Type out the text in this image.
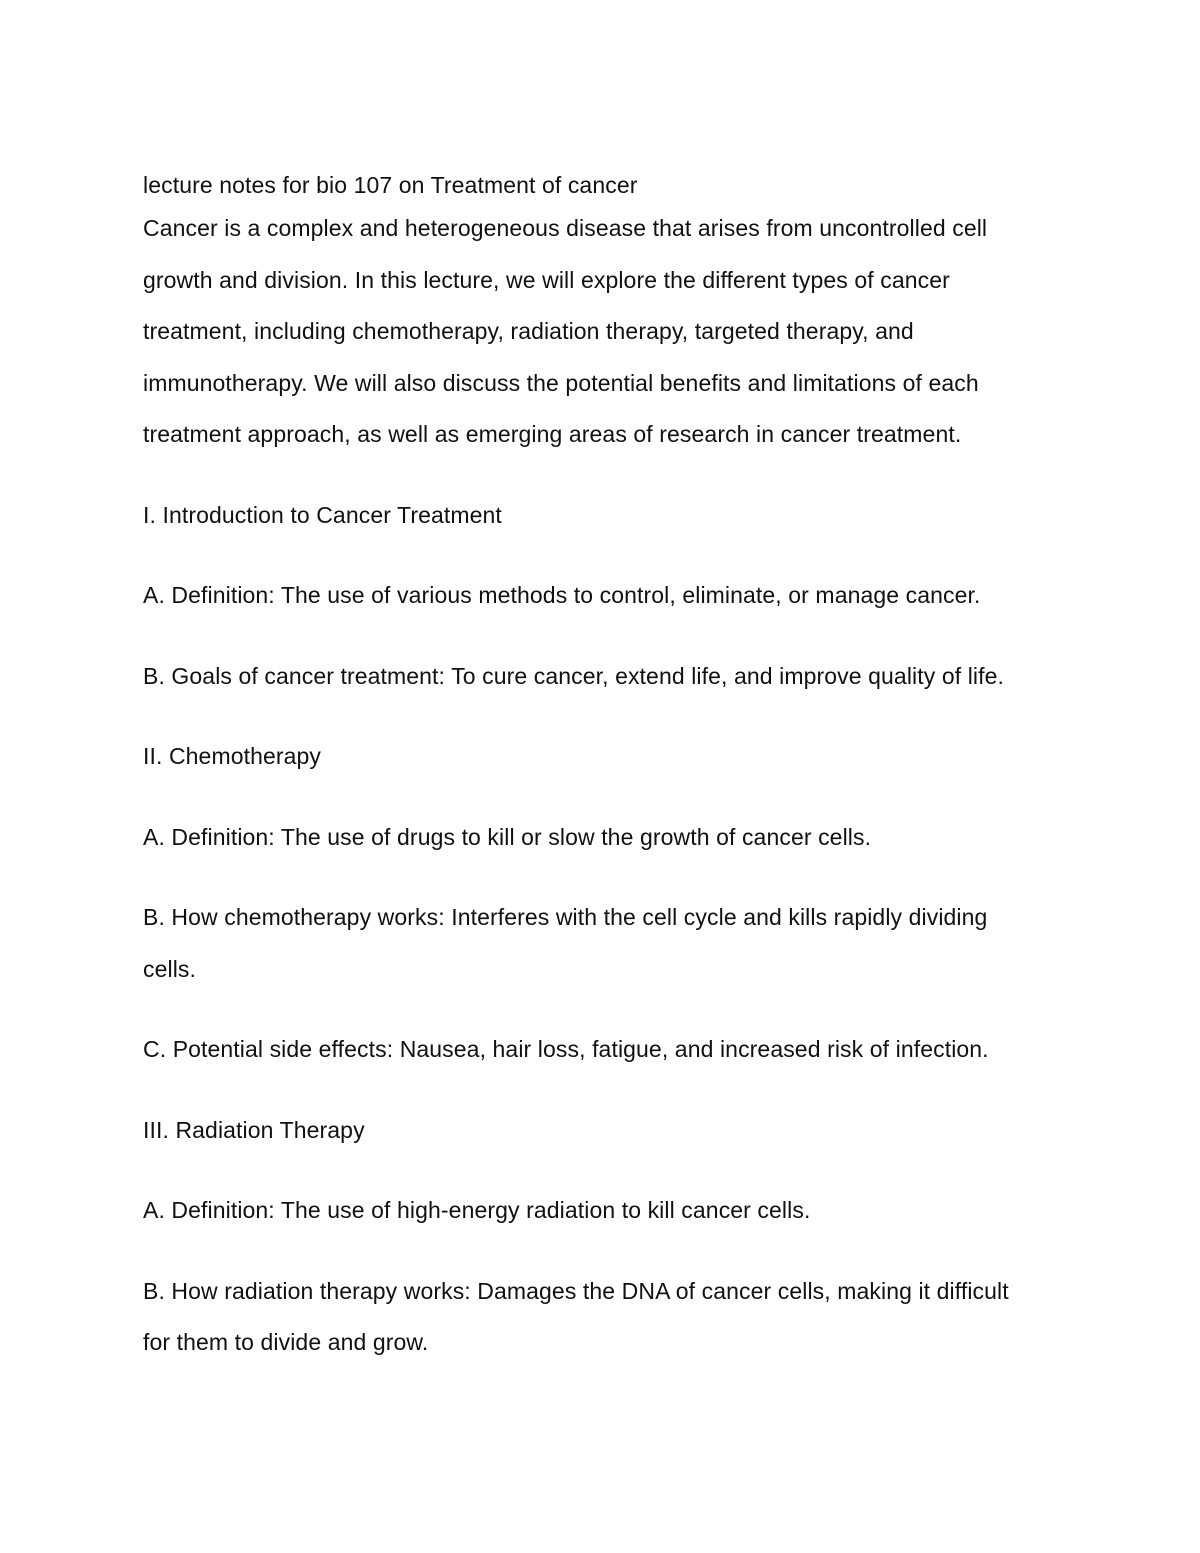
lecture notes for bio 107 on Treatment of cancer

Cancer is a complex and heterogeneous disease that arises from uncontrolled cell
growth and division. In this lecture, we will explore the different types of cancer
treatment, including chemotherapy, radiation therapy, targeted therapy, and
immunotherapy. We will also discuss the potential benefits and limitations of each
treatment approach, as well as emerging areas of research in cancer treatment.
I. Introduction to Cancer Treatment
A. Definition: The use of various methods to control, eliminate, or manage cancer.
B. Goals of cancer treatment: To cure cancer, extend life, and improve quality of life.
II. Chemotherapy
A. Definition: The use of drugs to kill or slow the growth of cancer cells.
B. How chemotherapy works: Interferes with the cell cycle and kills rapidly dividing
cells.
C. Potential side effects: Nausea, hair loss, fatigue, and increased risk of infection.
III. Radiation Therapy
A. Definition: The use of high-energy radiation to kill cancer cells.
B. How radiation therapy works: Damages the DNA of cancer cells, making it difficult
for them to divide and grow.
